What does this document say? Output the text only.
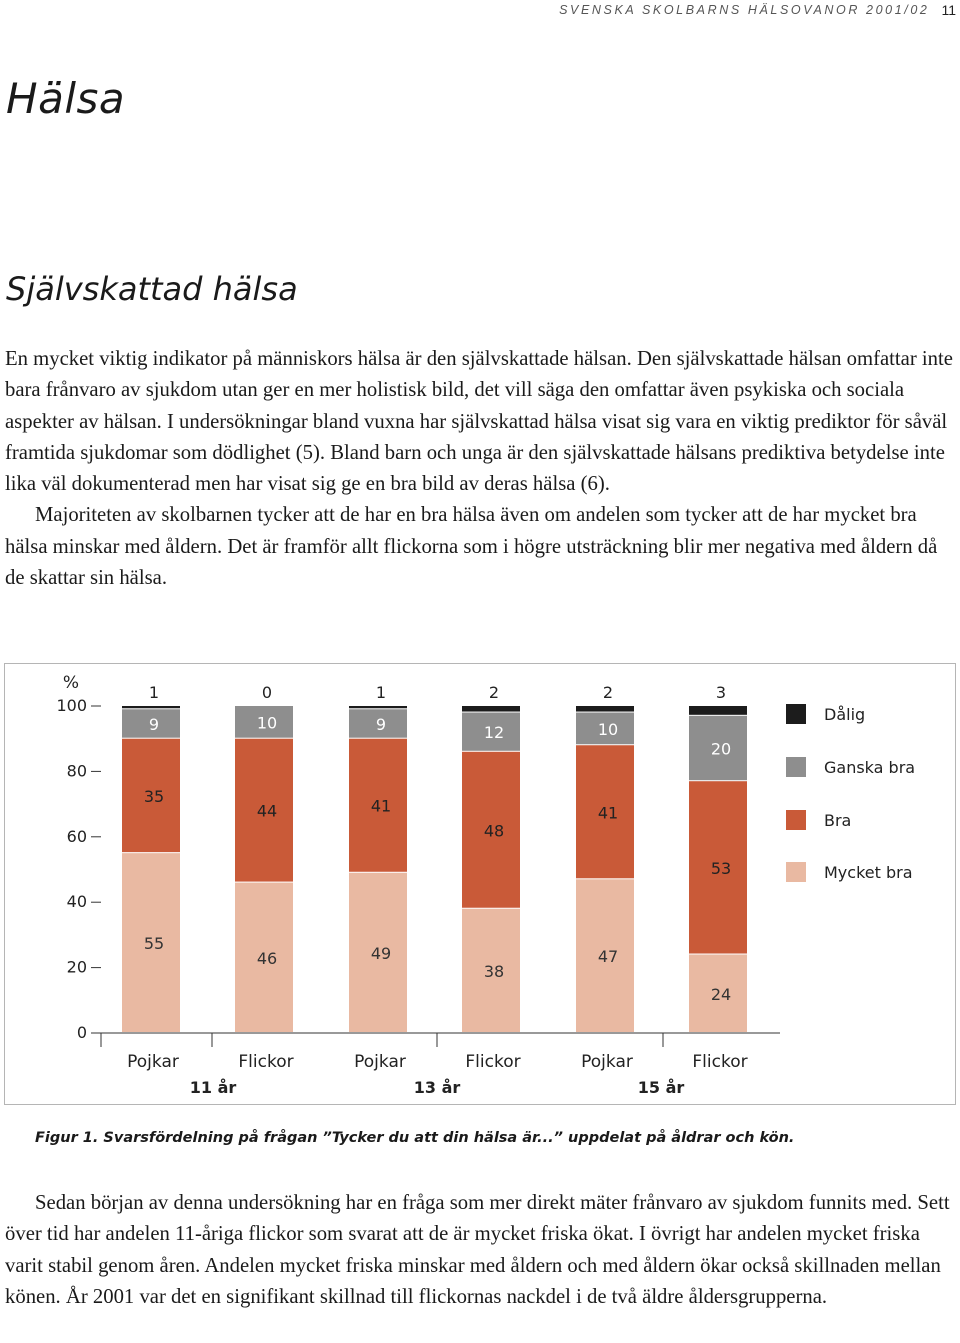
SVENSKA SKOLBARNS HÄLSOVANOR 2001/02 11
Hälsa
Självskattad hälsa

En mycket viktig indikator på människors hälsa är den självskattade hälsan. Den självskattade hälsan omfattar inte bara frånvaro av sjukdom utan ger en mer holistisk bild, det vill säga den omfattar även psykiska och sociala aspekter av hälsan. I undersökningar bland vuxna har självskattad hälsa visat sig vara en viktig prediktor för såväl framtida sjukdomar som dödlighet (5). Bland barn och unga är den självskattade hälsans prediktiva betydelse inte lika väl dokumenterad men har visat sig ge en bra bild av deras hälsa (6).

Majoriteten av skolbarnen tycker att de har en bra hälsa även om andelen som tycker att de har mycket bra hälsa minskar med åldern. Det är framför allt flickorna som i högre utsträckning blir mer negativa med åldern då de skattar sin hälsa.

%
0
20
40
60
80
100
55
35
9
1
Pojkar
46
44
10
0
Flickor
49
41
9
1
Pojkar
38
48
12
2
Flickor
47
41
10
2
Pojkar
24
53
20
3
Flickor
11 år	13 år	15 år
Dålig
Ganska bra
Bra
Mycket bra
Figur 1. Svarsfördelning på frågan ”Tycker du att din hälsa är...” uppdelat på åldrar och kön.

Sedan början av denna undersökning har en fråga som mer direkt mäter frånvaro av sjukdom funnits med. Sett över tid har andelen 11-åriga flickor som svarat att de är mycket friska ökat. I övrigt har andelen mycket friska varit stabil genom åren. Andelen mycket friska minskar med åldern och med åldern ökar också skillnaden mellan könen. År 2001 var det en signifikant skillnad till flickornas nackdel i de två äldre åldersgrupperna.
